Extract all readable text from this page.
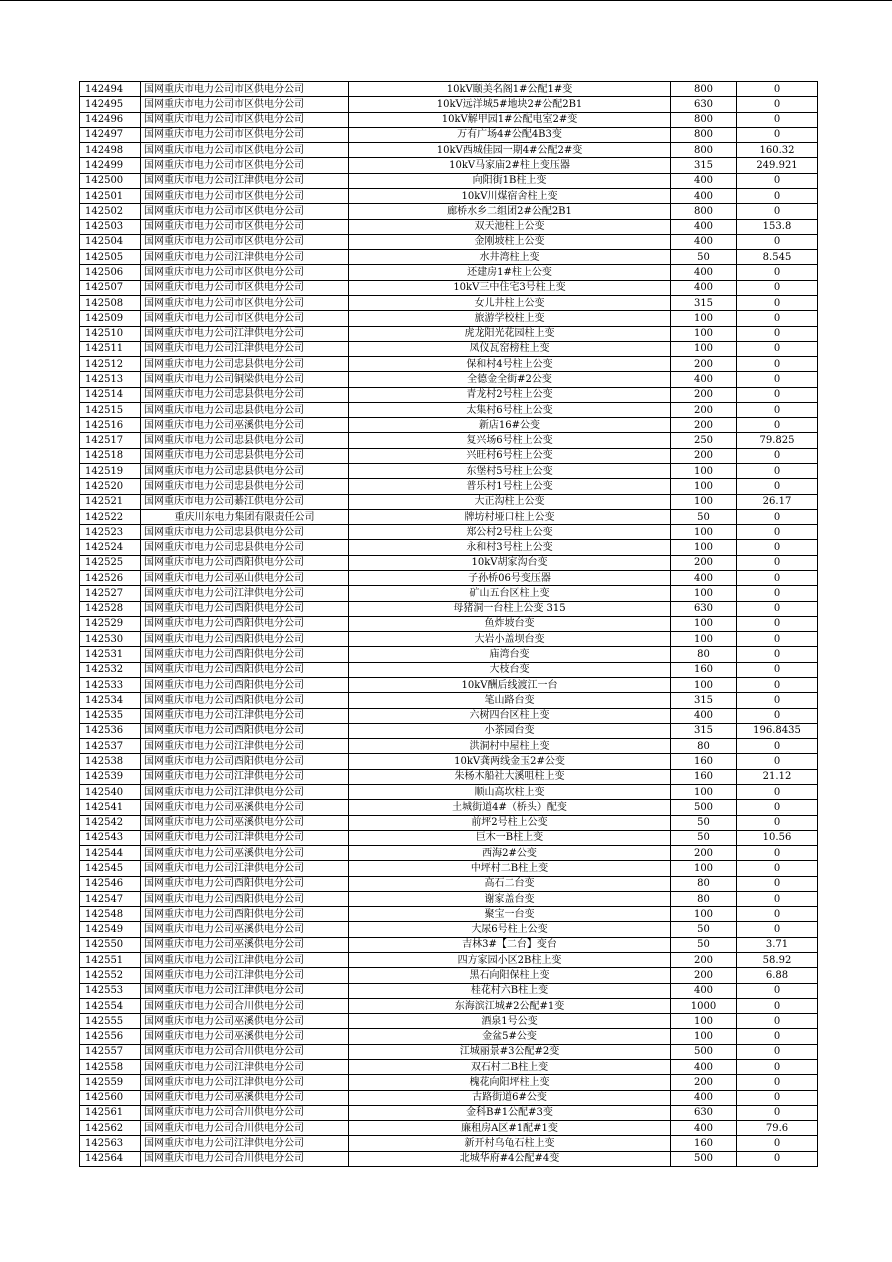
142494	国网重庆市电力公司市区供电分公司	10kV颐美名阁1#公配1#变	800	0
142495	国网重庆市电力公司市区供电分公司	10kV远洋城5#地块2#公配2B1	630	0
142496	国网重庆市电力公司市区供电分公司	10kV解甲园1#公配电室2#变	800	0
142497	国网重庆市电力公司市区供电分公司	万有广场4#公配4B3变	800	0
142498	国网重庆市电力公司市区供电分公司	10kV西城佳园一期4#公配2#变	800	160.32
142499	国网重庆市电力公司市区供电分公司	10kV马家庙2#柱上变压器	315	249.921
142500	国网重庆市电力公司江津供电分公司	向阳街1B柱上变	400	0
142501	国网重庆市电力公司市区供电分公司	10kV川煤宿舍柱上变	400	0
142502	国网重庆市电力公司市区供电分公司	廊桥水乡二组团2#公配2B1	800	0
142503	国网重庆市电力公司市区供电分公司	双天池柱上公变	400	153.8
142504	国网重庆市电力公司市区供电分公司	金刚坡柱上公变	400	0
142505	国网重庆市电力公司江津供电分公司	水井湾柱上变	50	8.545
142506	国网重庆市电力公司市区供电分公司	还建房1#柱上公变	400	0
142507	国网重庆市电力公司市区供电分公司	10kV三中住宅3号柱上变	400	0
142508	国网重庆市电力公司市区供电分公司	女儿井柱上公变	315	0
142509	国网重庆市电力公司市区供电分公司	旅游学校柱上变	100	0
142510	国网重庆市电力公司江津供电分公司	虎龙阳光花园柱上变	100	0
142511	国网重庆市电力公司江津供电分公司	凤仪瓦窑榜柱上变	100	0
142512	国网重庆市电力公司忠县供电分公司	保和村4号柱上公变	200	0
142513	国网重庆市电力公司铜梁供电分公司	全德金全街#2公变	400	0
142514	国网重庆市电力公司忠县供电分公司	青龙村2号柱上公变	200	0
142515	国网重庆市电力公司忠县供电分公司	太集村6号柱上公变	200	0
142516	国网重庆市电力公司巫溪供电分公司	新店16#公变	200	0
142517	国网重庆市电力公司忠县供电分公司	复兴场6号柱上公变	250	79.825
142518	国网重庆市电力公司忠县供电分公司	兴旺村6号柱上公变	200	0
142519	国网重庆市电力公司忠县供电分公司	东堡村5号柱上公变	100	0
142520	国网重庆市电力公司忠县供电分公司	普乐村1号柱上公变	100	0
142521	国网重庆市电力公司綦江供电分公司	大正沟柱上公变	100	26.17
142522	重庆川东电力集团有限责任公司	牌坊村垭口柱上公变	50	0
142523	国网重庆市电力公司忠县供电分公司	郑公村2号柱上公变	100	0
142524	国网重庆市电力公司忠县供电分公司	永和村3号柱上公变	100	0
142525	国网重庆市电力公司酉阳供电分公司	10kV胡家沟台变	200	0
142526	国网重庆市电力公司巫山供电分公司	子孙桥06号变压器	400	0
142527	国网重庆市电力公司江津供电分公司	矿山五台区柱上变	100	0
142528	国网重庆市电力公司酉阳供电分公司	母猪洞一台柱上公变 315	630	0
142529	国网重庆市电力公司酉阳供电分公司	鱼炸坡台变	100	0
142530	国网重庆市电力公司酉阳供电分公司	大岩小盖坝台变	100	0
142531	国网重庆市电力公司酉阳供电分公司	庙湾台变	80	0
142532	国网重庆市电力公司酉阳供电分公司	大枝台变	160	0
142533	国网重庆市电力公司酉阳供电分公司	10kV酬后线渡江一台	100	0
142534	国网重庆市电力公司酉阳供电分公司	笔山路台变	315	0
142535	国网重庆市电力公司江津供电分公司	六树四台区柱上变	400	0
142536	国网重庆市电力公司酉阳供电分公司	小茶园台变	315	196.8435
142537	国网重庆市电力公司江津供电分公司	洪洞村中屋柱上变	80	0
142538	国网重庆市电力公司酉阳供电分公司	10kV龚两线金玉2#公变	160	0
142539	国网重庆市电力公司江津供电分公司	朱杨木船社大溪咀柱上变	160	21.12
142540	国网重庆市电力公司江津供电分公司	顺山高坎柱上变	100	0
142541	国网重庆市电力公司巫溪供电分公司	土城街道4#（桥头）配变	500	0
142542	国网重庆市电力公司巫溪供电分公司	前坪2号柱上公变	50	0
142543	国网重庆市电力公司江津供电分公司	巨木一B柱上变	50	10.56
142544	国网重庆市电力公司巫溪供电分公司	西海2#公变	200	0
142545	国网重庆市电力公司江津供电分公司	中坪村二B柱上变	100	0
142546	国网重庆市电力公司酉阳供电分公司	高石二台变	80	0
142547	国网重庆市电力公司酉阳供电分公司	谢家盖台变	80	0
142548	国网重庆市电力公司酉阳供电分公司	聚宝一台变	100	0
142549	国网重庆市电力公司巫溪供电分公司	大尿6号柱上公变	50	0
142550	国网重庆市电力公司巫溪供电分公司	吉林3#【二台】变台	50	3.71
142551	国网重庆市电力公司江津供电分公司	四方家园小区2B柱上变	200	58.92
142552	国网重庆市电力公司江津供电分公司	黑石向阳保柱上变	200	6.88
142553	国网重庆市电力公司江津供电分公司	桂花村六B柱上变	400	0
142554	国网重庆市电力公司合川供电分公司	东海滨江城#2公配#1变	1000	0
142555	国网重庆市电力公司巫溪供电分公司	酒泉1号公变	100	0
142556	国网重庆市电力公司巫溪供电分公司	金盆5#公变	100	0
142557	国网重庆市电力公司合川供电分公司	江城丽景#3公配#2变	500	0
142558	国网重庆市电力公司江津供电分公司	双石村二B柱上变	400	0
142559	国网重庆市电力公司江津供电分公司	槐花向阳坪柱上变	200	0
142560	国网重庆市电力公司巫溪供电分公司	古路街道6#公变	400	0
142561	国网重庆市电力公司合川供电分公司	金科B#1公配#3变	630	0
142562	国网重庆市电力公司合川供电分公司	廉租房A区#1配#1变	400	79.6
142563	国网重庆市电力公司江津供电分公司	新开村乌龟石柱上变	160	0
142564	国网重庆市电力公司合川供电分公司	北城华府#4公配#4变	500	0
